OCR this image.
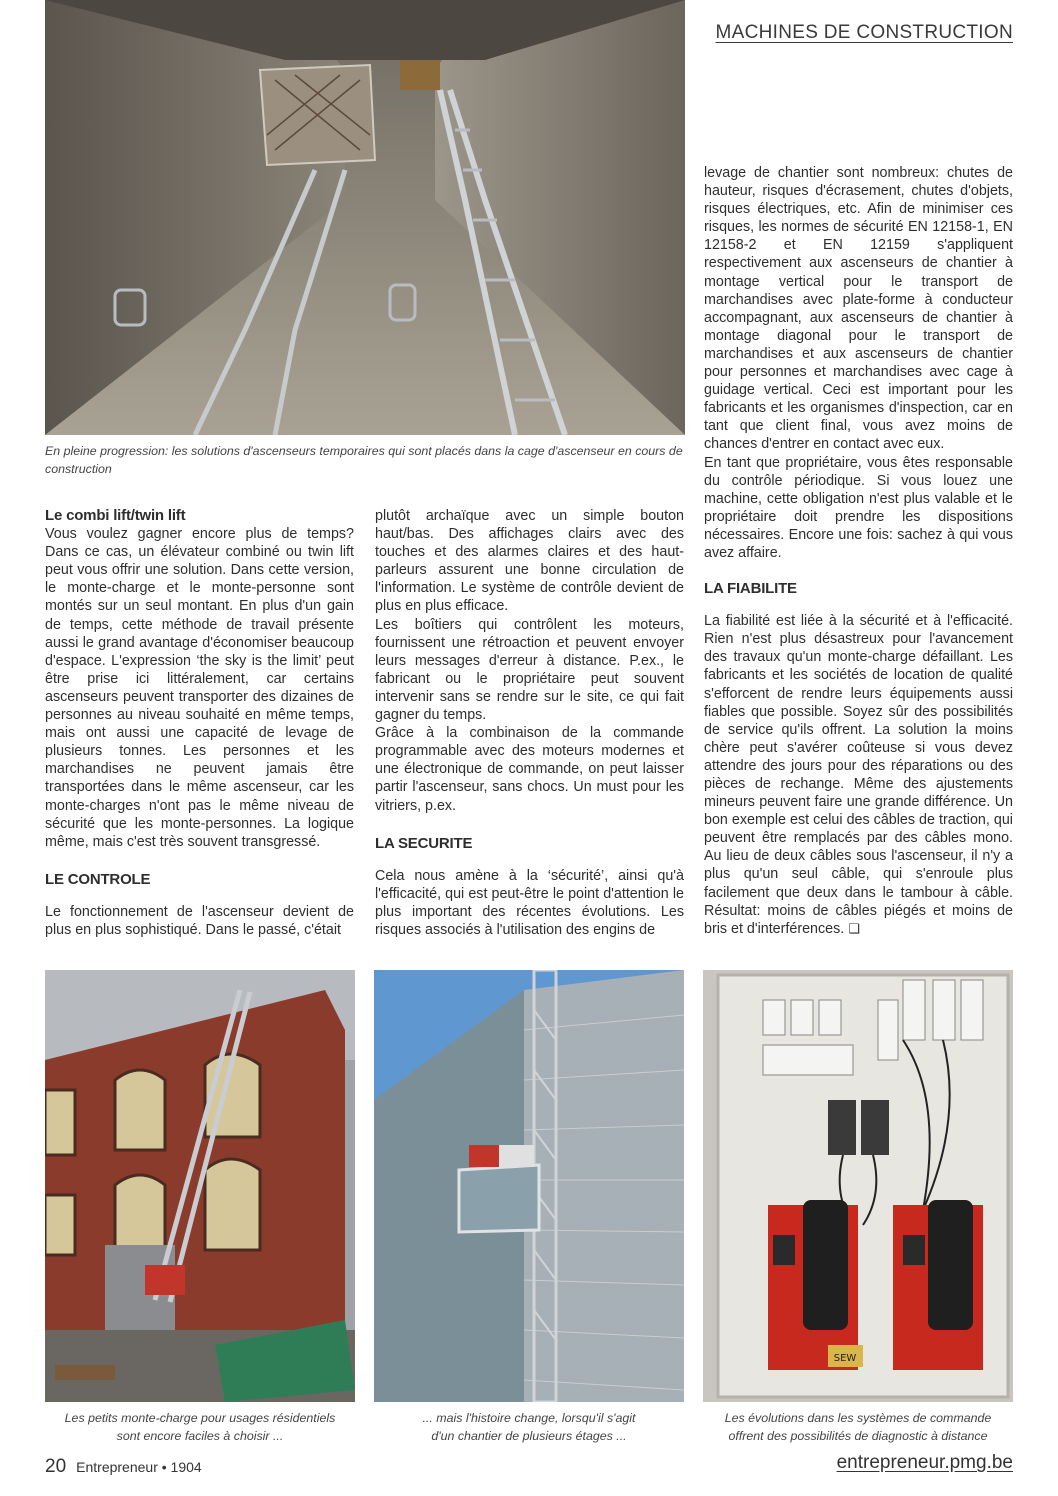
MACHINES DE CONSTRUCTION
En pleine progression: les solutions d'ascenseurs temporaires qui sont placés dans la cage d'ascenseur en cours de construction
Le combi lift/twin lift

Vous voulez gagner encore plus de temps? Dans ce cas, un élévateur combiné ou twin lift peut vous offrir une solution. Dans cette version, le monte-charge et le monte-personne sont montés sur un seul montant. En plus d'un gain de temps, cette méthode de travail présente aussi le grand avantage d'économiser beaucoup d'espace. L'expression ‘the sky is the limit’ peut être prise ici littéralement, car certains ascenseurs peuvent transporter des dizaines de personnes au niveau souhaité en même temps, mais ont aussi une capacité de levage de plusieurs tonnes. Les personnes et les marchandises ne peuvent jamais être transportées dans le même ascenseur, car les monte-charges n'ont pas le même niveau de sécurité que les monte-personnes. La logique même, mais c'est très souvent transgressé.

LE CONTROLE

Le fonctionnement de l'ascenseur devient de plus en plus sophistiqué. Dans le passé, c'était

plutôt archaïque avec un simple bouton haut/bas. Des affichages clairs avec des touches et des alarmes claires et des haut-parleurs assurent une bonne circulation de l'information. Le système de contrôle devient de plus en plus efficace.

Les boîtiers qui contrôlent les moteurs, fournissent une rétroaction et peuvent envoyer leurs messages d'erreur à distance. P.ex., le fabricant ou le propriétaire peut souvent intervenir sans se rendre sur le site, ce qui fait gagner du temps.

Grâce à la combinaison de la commande programmable avec des moteurs modernes et une électronique de commande, on peut laisser partir l'ascenseur, sans chocs. Un must pour les vitriers, p.ex.

LA SECURITE

Cela nous amène à la ‘sécurité’, ainsi qu'à l'efficacité, qui est peut-être le point d'attention le plus important des récentes évolutions. Les risques associés à l'utilisation des engins de

levage de chantier sont nombreux: chutes de hauteur, risques d'écrasement, chutes d'objets, risques électriques, etc. Afin de minimiser ces risques, les normes de sécurité EN 12158-1, EN 12158-2 et EN 12159 s'appliquent respectivement aux ascenseurs de chantier à montage vertical pour le transport de marchandises avec plate-forme à conducteur accompagnant, aux ascenseurs de chantier à montage diagonal pour le transport de marchandises et aux ascenseurs de chantier pour personnes et marchandises avec cage à guidage vertical. Ceci est important pour les fabricants et les organismes d'inspection, car en tant que client final, vous avez moins de chances d'entrer en contact avec eux.

En tant que propriétaire, vous êtes responsable du contrôle périodique. Si vous louez une machine, cette obligation n'est plus valable et le propriétaire doit prendre les dispositions nécessaires. Encore une fois: sachez à qui vous avez affaire.

LA FIABILITE

La fiabilité est liée à la sécurité et à l'efficacité. Rien n'est plus désastreux pour l'avancement des travaux qu'un monte-charge défaillant. Les fabricants et les sociétés de location de qualité s'efforcent de rendre leurs équipements aussi fiables que possible. Soyez sûr des possibilités de service qu'ils offrent. La solution la moins chère peut s'avérer coûteuse si vous devez attendre des jours pour des réparations ou des pièces de rechange. Même des ajustements mineurs peuvent faire une grande différence. Un bon exemple est celui des câbles de traction, qui peuvent être remplacés par des câbles mono. Au lieu de deux câbles sous l'ascenseur, il n'y a plus qu'un seul câble, qui s'enroule plus facilement que deux dans le tambour à câble. Résultat: moins de câbles piégés et moins de bris et d'interférences. ❑

Les petits monte-charge pour usages résidentiels
sont encore faciles à choisir ...
... mais l'histoire change, lorsqu'il s'agit
d'un chantier de plusieurs étages ...
SEW
Les évolutions dans les systèmes de commande
offrent des possibilités de diagnostic à distance
20 Entrepreneur • 1904	entrepreneur.pmg.be
